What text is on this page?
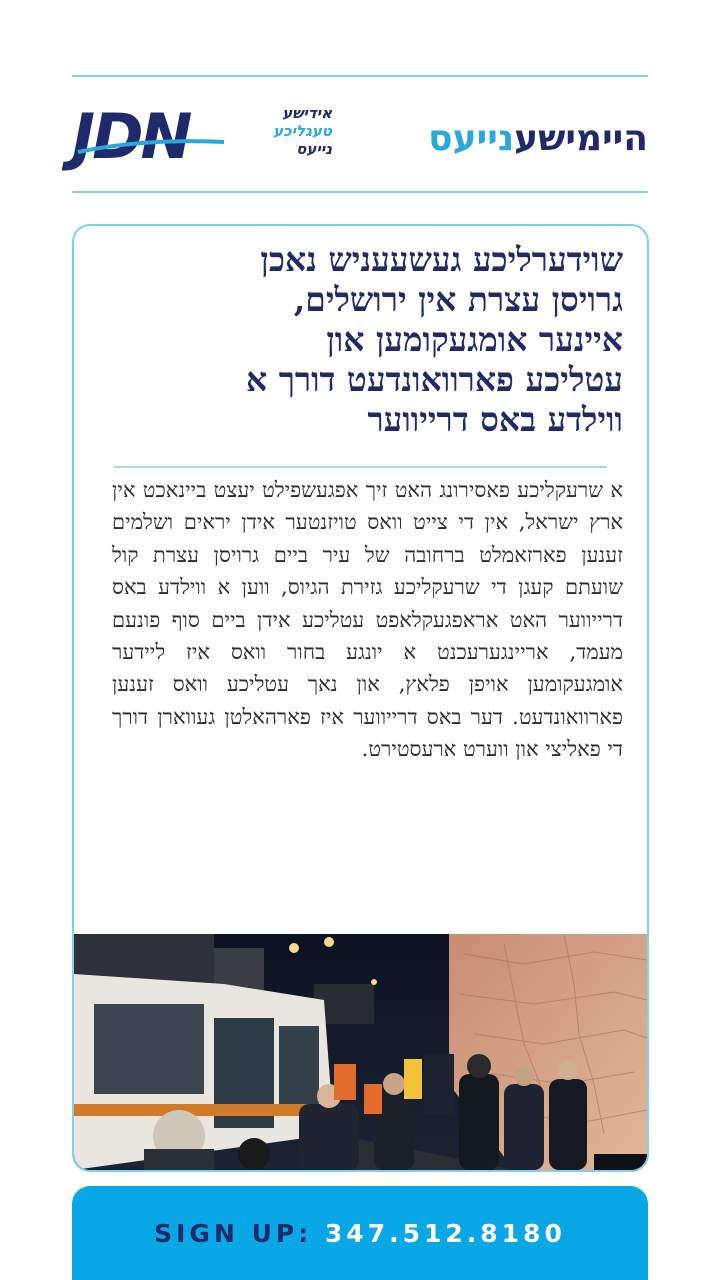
JDN	אידישע
טעגליכע
נייעס	היימישענייעס
שוידערליכע געשעעניש נאכן
גרויסן עצרת אין ירושלים,
איינער אומגעקומען און
עטליכע פארוואונדעט דורך א
ווילדע באס דרייווער
א שרעקליכע פאסירונג האט זיך אפגעשפילט יעצט ביינאכט אין ארץ ישראל, אין די צייט וואס טויזנטער אידן יראים ושלמים זענען פארזאמלט ברחובה של עיר ביים גרויסן עצרת קול שועתם קעגן די שרעקליכע גזירת הגיוס, ווען א ווילדע באס דרייווער האט אראפגעקלאפט עטליכע אידן ביים סוף פונעם מעמד, אריינגערעכנט א יונגע בחור וואס איז ליידער אומגעקומען אויפן פלאץ, און נאך עטליכע וואס זענען פארוואונדעט. דער באס דרייווער איז פארהאלטן געווארן דורך די פאליצי און ווערט ארעסטירט.
SIGN UP: 347.512.8180
